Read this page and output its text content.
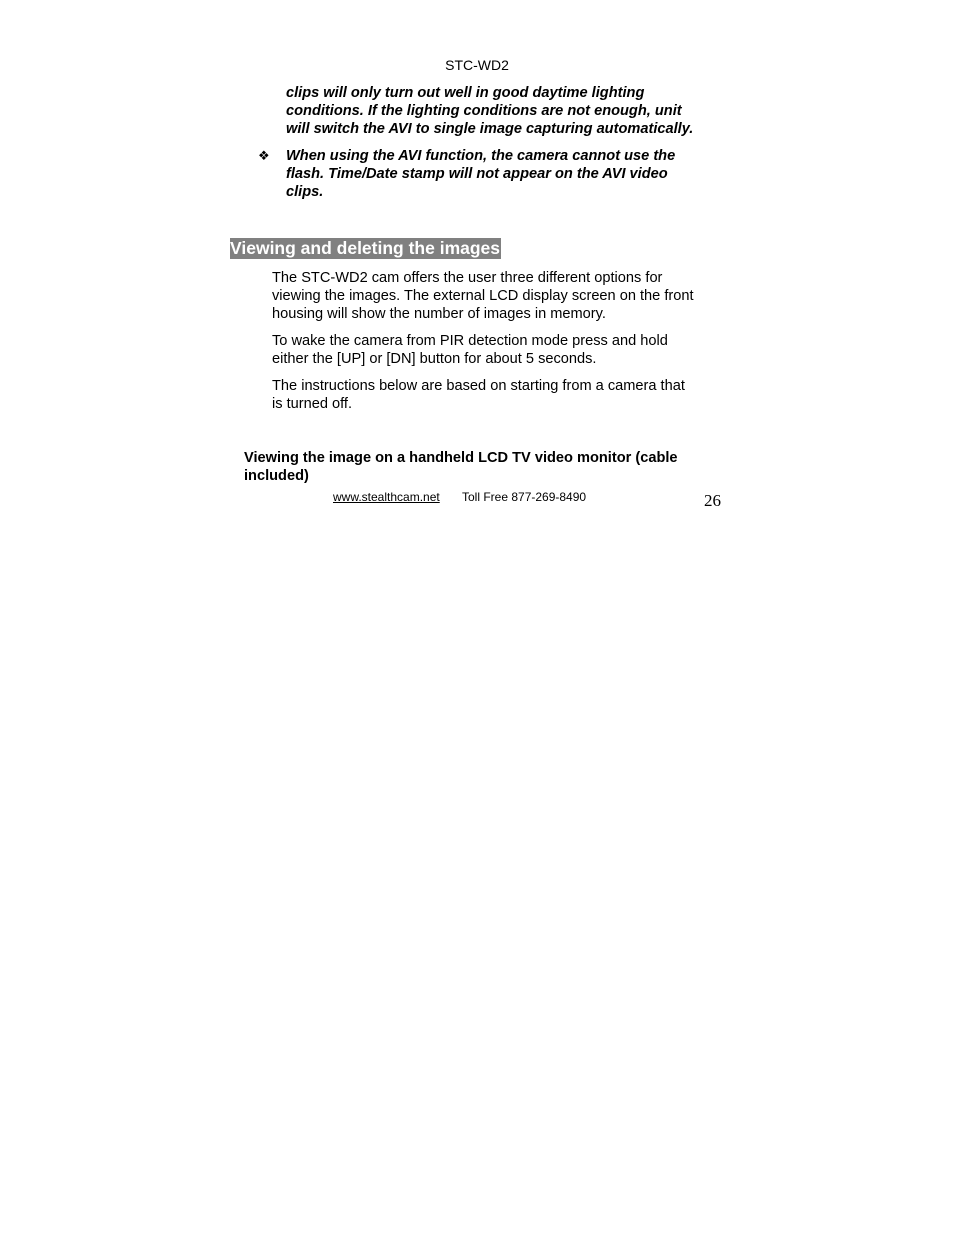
STC-WD2
clips will only turn out well in good daytime lighting
conditions. If the lighting conditions are not enough, unit
will switch the AVI to single image capturing automatically.
❖ When using the AVI function, the camera cannot use the
flash. Time/Date stamp will not appear on the AVI video
clips.
Viewing and deleting the images
The STC-WD2 cam offers the user three different options for
viewing the images. The external LCD display screen on the front
housing will show the number of images in memory.
To wake the camera from PIR detection mode press and hold
either the [UP] or [DN] button for about 5 seconds.
The instructions below are based on starting from a camera that
is turned off.
Viewing the image on a handheld LCD TV video monitor (cable
included)
www.stealthcam.net Toll Free 877-269-8490	26
